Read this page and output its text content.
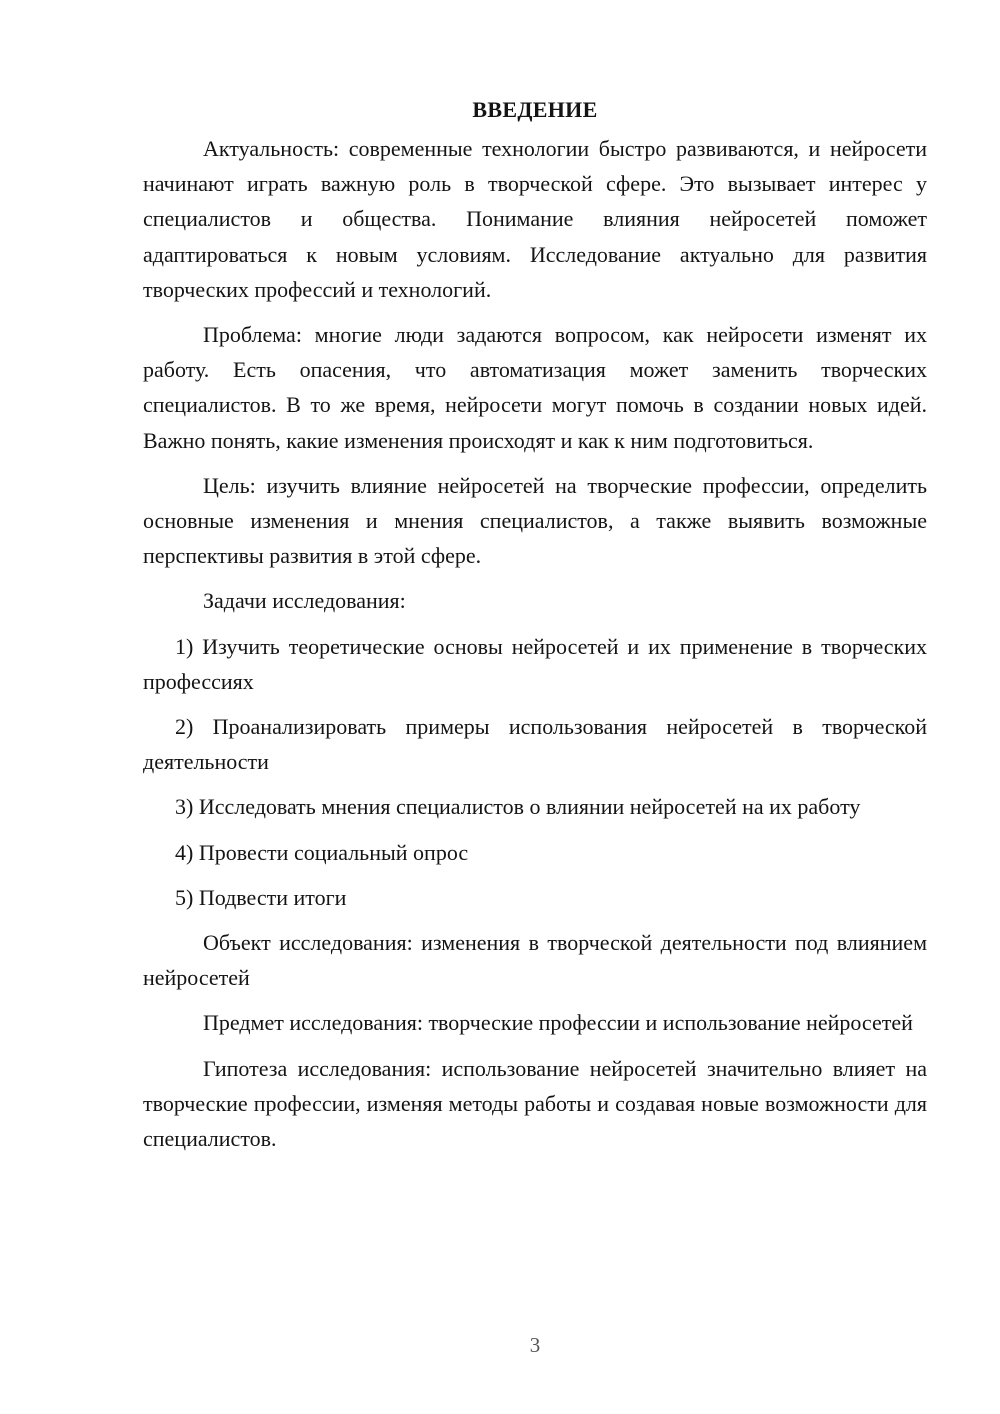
ВВЕДЕНИЕ

Актуальность: современные технологии быстро развиваются, и нейросети начинают играть важную роль в творческой сфере. Это вызывает интерес у специалистов и общества. Понимание влияния нейросетей поможет адаптироваться к новым условиям. Исследование актуально для развития творческих профессий и технологий.

Проблема: многие люди задаются вопросом, как нейросети изменят их работу. Есть опасения, что автоматизация может заменить творческих специалистов. В то же время, нейросети могут помочь в создании новых идей. Важно понять, какие изменения происходят и как к ним подготовиться.

Цель: изучить влияние нейросетей на творческие профессии, определить основные изменения и мнения специалистов, а также выявить возможные перспективы развития в этой сфере.

Задачи исследования:

1) Изучить теоретические основы нейросетей и их применение в творческих профессиях

2) Проанализировать примеры использования нейросетей в творческой деятельности

3) Исследовать мнения специалистов о влиянии нейросетей на их работу

4) Провести социальный опрос

5) Подвести итоги

Объект исследования: изменения в творческой деятельности под влиянием нейросетей

Предмет исследования: творческие профессии и использование нейросетей

Гипотеза исследования: использование нейросетей значительно влияет на творческие профессии, изменяя методы работы и создавая новые возможности для специалистов.

3
